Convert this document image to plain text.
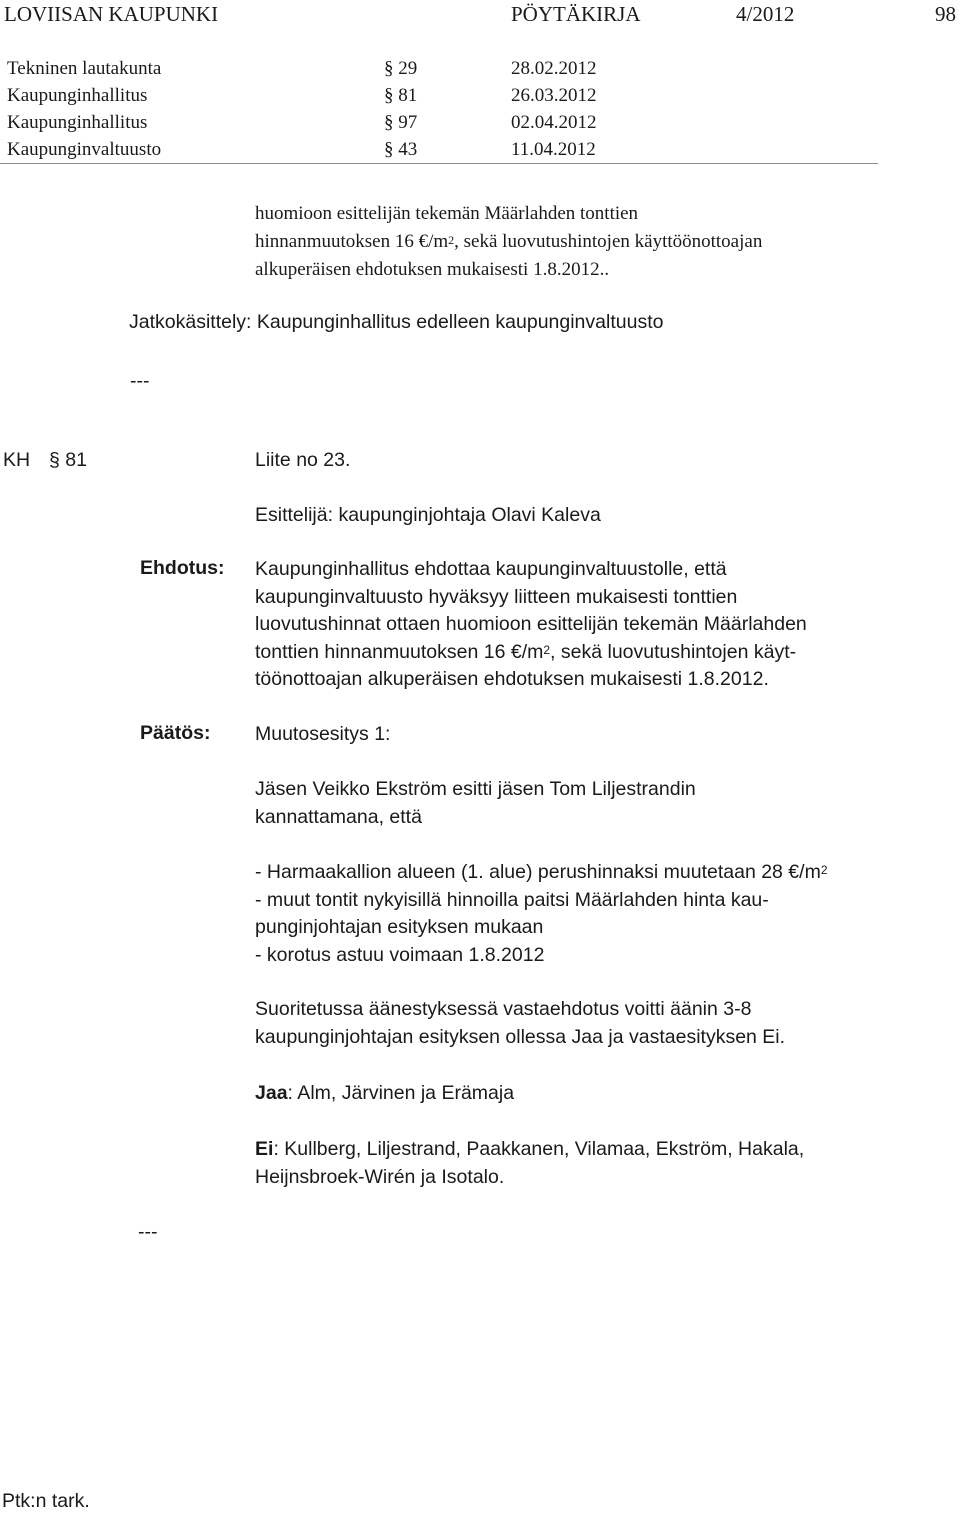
LOVIISAN KAUPUNKI	PÖYTÄKIRJA	4/2012	98
Tekninen lautakunta	§ 29	28.02.2012
Kaupunginhallitus	§ 81	26.03.2012
Kaupunginhallitus	§ 97	02.04.2012
Kaupunginvaltuusto	§ 43	11.04.2012
huomioon esittelijän tekemän Määrlahden tonttien
hinnanmuutoksen 16 $€/m^2$, sekä luovutushintojen käyttöönottoajan
alkuperäisen ehdotuksen mukaisesti 1.8.2012..
Jatkokäsittely: Kaupunginhallitus edelleen kaupunginvaltuusto
---
KH § 81	Liite no 23.
Esittelijä: kaupunginjohtaja Olavi Kaleva
Ehdotus: Kaupunginhallitus ehdottaa kaupunginvaltuustolle, että
kaupunginvaltuusto hyväksyy liitteen mukaisesti tonttien
luovutushinnat ottaen huomioon esittelijän tekemän Määrlahden
tonttien hinnanmuutoksen 16 $€/m^2$, sekä luovutushintojen käyt-
töönottoajan alkuperäisen ehdotuksen mukaisesti 1.8.2012.
Päätös: Muutosesitys 1:
Jäsen Veikko Ekström esitti jäsen Tom Liljestrandin
kannattamana, että
- Harmaakallion alueen (1. alue) perushinnaksi muutetaan 28 $€/m^2$
- muut tontit nykyisillä hinnoilla paitsi Määrlahden hinta kau-
punginjohtajan esityksen mukaan
- korotus astuu voimaan 1.8.2012
Suoritetussa äänestyksessä vastaehdotus voitti äänin 3-8
kaupunginjohtajan esityksen ollessa Jaa ja vastaesityksen Ei.
Jaa: Alm, Järvinen ja Erämaja
Ei: Kullberg, Liljestrand, Paakkanen, Vilamaa, Ekström, Hakala,
Heijnsbroek-Wirén ja Isotalo.
---
Ptk:n tark.
